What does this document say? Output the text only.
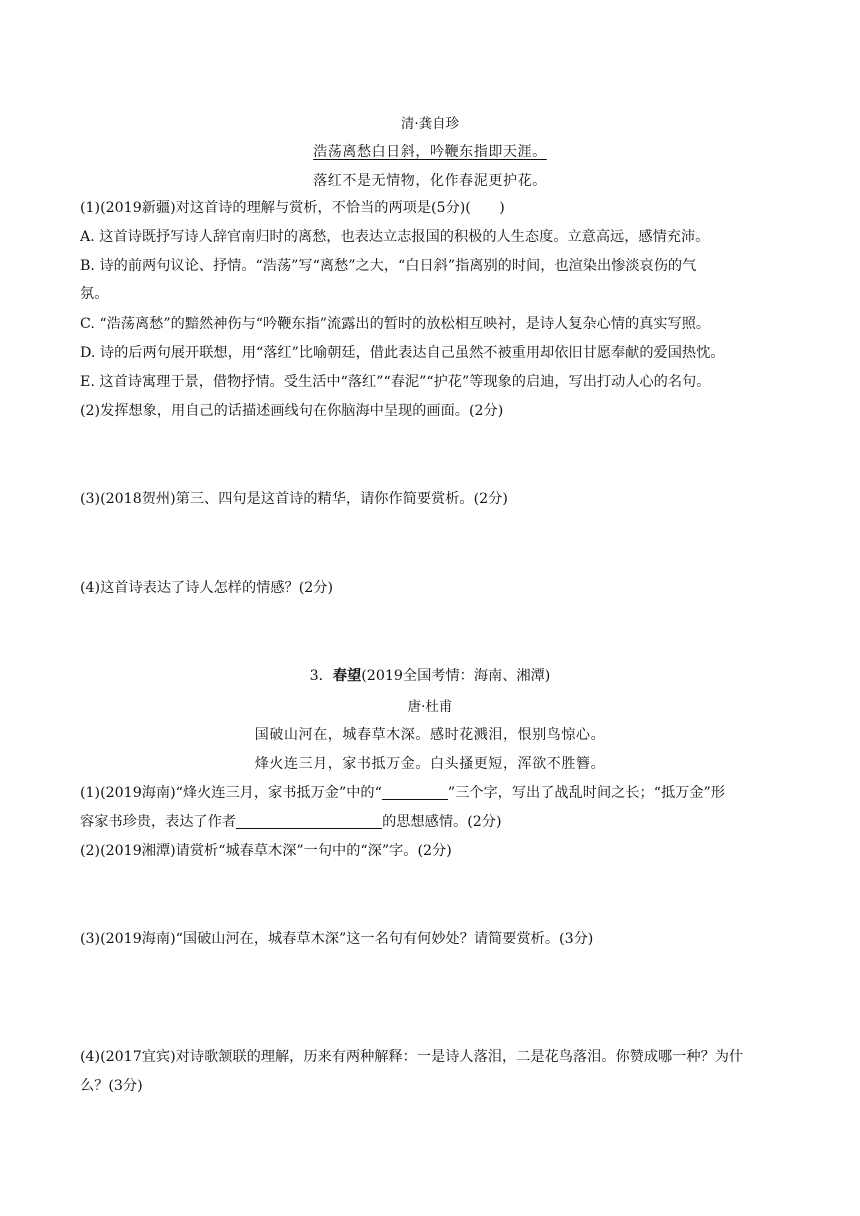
清·龚自珍
浩荡离愁白日斜，吟鞭东指即天涯。
落红不是无情物，化作春泥更护花。
(1)(2019新疆)对这首诗的理解与赏析，不恰当的两项是(5分)(　　)
A. 这首诗既抒写诗人辞官南归时的离愁，也表达立志报国的积极的人生态度。立意高远，感情充沛。
B. 诗的前两句议论、抒情。“浩荡”写“离愁”之大，“白日斜”指离别的时间，也渲染出惨淡哀伤的气
氛。
C. “浩荡离愁”的黯然神伤与“吟鞭东指”流露出的暂时的放松相互映衬，是诗人复杂心情的真实写照。
D. 诗的后两句展开联想，用“落红”比喻朝廷，借此表达自己虽然不被重用却依旧甘愿奉献的爱国热忱。
E. 这首诗寓理于景，借物抒情。受生活中“落红”“春泥”“护花”等现象的启迪，写出打动人心的名句。
(2)发挥想象，用自己的话描述画线句在你脑海中呈现的画面。(2分)
(3)(2018贺州)第三、四句是这首诗的精华，请你作简要赏析。(2分)
(4)这首诗表达了诗人怎样的情感？(2分)
3．春望(2019全国考情：海南、湘潭)
唐·杜甫
国破山河在，城春草木深。感时花溅泪，恨别鸟惊心。
烽火连三月，家书抵万金。白头搔更短，浑欲不胜簪。
(1)(2019海南)“烽火连三月，家书抵万金”中的“	”三个字，写出了战乱时间之长；“抵万金”形
容家书珍贵，表达了作者	的思想感情。(2分)
(2)(2019湘潭)请赏析“城春草木深”一句中的“深”字。(2分)
(3)(2019海南)“国破山河在，城春草木深”这一名句有何妙处？请简要赏析。(3分)
(4)(2017宜宾)对诗歌颔联的理解，历来有两种解释：一是诗人落泪，二是花鸟落泪。你赞成哪一种？为什
么？(3分)
